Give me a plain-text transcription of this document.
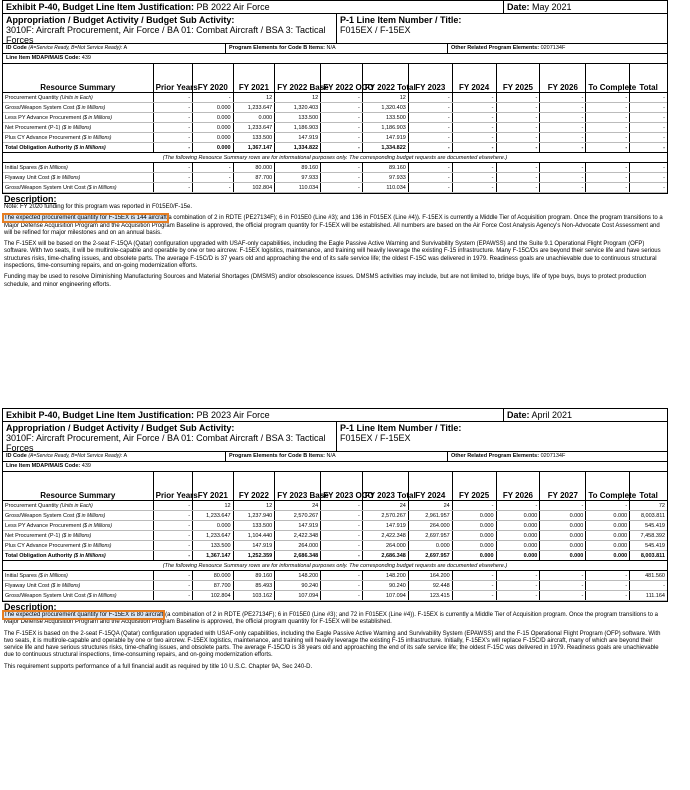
Exhibit P-40, Budget Line Item Justification: PB 2022 Air Force	Date: May 2021
Appropriation / Budget Activity / Budget Sub Activity:
3010F: Aircraft Procurement, Air Force / BA 01: Combat Aircraft / BSA 3: Tactical Forces
P-1 Line Item Number / Title:
F015EX / F-15EX
ID Code (A=Service Ready, B=Not Service Ready): A	Program Elements for Code B Items: N/A	Other Related Program Elements: 0207134F
Line Item MDAP/MAIS Code: 439
Resource Summary	Prior Years	FY 2020	FY 2021	FY 2022 Base	FY 2022 OCO	FY 2022 Total	FY 2023	FY 2024	FY 2025	FY 2026	To Complete	Total
Procurement Quantity (Units in Each)	-	-	12	12	-	12	-	-	-	-	-	-
Gross/Weapon System Cost ($ in Millions)	-	0.000	1,233.647	1,320.403	-	1,320.403	-	-	-	-	-	-
Less PY Advance Procurement ($ in Millions)	-	0.000	0.000	133.500	-	133.500	-	-	-	-	-	-
Net Procurement (P-1) ($ in Millions)	-	0.000	1,233.647	1,186.903	-	1,186.903	-	-	-	-	-	-
Plus CY Advance Procurement ($ in Millions)	-	0.000	133.500	147.919	-	147.919	-	-	-	-	-	-
Total Obligation Authority ($ in Millions)	-	0.000	1,367.147	1,334.822	-	1,334.822	-	-	-	-	-	-
(The following Resource Summary rows are for informational purposes only. The corresponding budget requests are documented elsewhere.)												
Initial Spares ($ in Millions)	-	-	80.000	89.160	-	89.160	-	-	-	-	-	-
Flyaway Unit Cost ($ in Millions)	-	-	87.700	97.933	-	97.933	-	-	-	-	-	-
Gross/Weapon System Unit Cost ($ in Millions)	-	-	102.804	110.034	-	110.034	-	-	-	-	-	-
Description:

Note: FY 2020 funding for this program was reported in F015E0/F-15e.

The expected procurement quantity for F-15EX is 144 aircraft a combination of 2 in RDTE (PE27134F); 6 in F015E0 (Line #3); and 136 in F015EX (Line #4)). F-15EX is currently a Middle Tier of Acquisition program. Once the program transitions to a Major Defense Acquisition Program and the Acquisition Program Baseline is approved, the official program quantity for F-15EX will be established. All numbers are based on the Air Force Cost Analysis Agency's Non-Advocate Cost Assessment and will be refined for major milestones and on an annual basis.

The F-15EX will be based on the 2-seat F-15QA (Qatar) configuration upgraded with USAF-only capabilities, including the Eagle Passive Active Warning and Survivability System (EPAWSS) and the Suite 9.1 Operational Flight Program (OFP) software. With two seats, it will be multirole-capable and operable by one or two aircrew. F-15EX logistics, maintenance, and training will heavily leverage the existing F-15 infrastructure. Many F-15C/Ds are beyond their service life and have serious structures risks, time-chafing issues, and obsolete parts. The average F-15C/D is 37 years old and approaching the end of its safe service life; the oldest F-15C was delivered in 1979. Readiness goals are unachievable due to continuous structural inspections, time-consuming repairs, and on-going modernization efforts.

Funding may be used to resolve Diminishing Manufacturing Sources and Material Shortages (DMSMS) and/or obsolescence issues. DMSMS activities may include, but are not limited to, bridge buys, life of type buys, buys to protect production schedule, and minor engineering efforts.

Exhibit P-40, Budget Line Item Justification: PB 2023 Air Force	Date: April 2021
Appropriation / Budget Activity / Budget Sub Activity:
3010F: Aircraft Procurement, Air Force / BA 01: Combat Aircraft / BSA 3: Tactical Forces
P-1 Line Item Number / Title:
F015EX / F-15EX
ID Code (A=Service Ready, B=Not Service Ready): A	Program Elements for Code B Items: N/A	Other Related Program Elements: 0207134F
Line Item MDAP/MAIS Code: 439
Resource Summary	Prior Years	FY 2021	FY 2022	FY 2023 Base	FY 2023 OCO	FY 2023 Total	FY 2024	FY 2025	FY 2026	FY 2027	To Complete	Total
Procurement Quantity (Units in Each)	-	12	12	24	-	24	24	-	-	-	-	72
Gross/Weapon System Cost ($ in Millions)	-	1,233.647	1,237.940	2,570.267	-	2,570.267	2,961.957	0.000	0.000	0.000	0.000	8,003.811
Less PY Advance Procurement ($ in Millions)	-	0.000	133.500	147.919	-	147.919	264.000	0.000	0.000	0.000	0.000	545.419
Net Procurement (P-1) ($ in Millions)	-	1,233.647	1,104.440	2,422.348	-	2,422.348	2,697.957	0.000	0.000	0.000	0.000	7,458.392
Plus CY Advance Procurement ($ in Millions)	-	133.500	147.919	264.000	-	264.000	0.000	0.000	0.000	0.000	0.000	545.419
Total Obligation Authority ($ in Millions)	-	1,367.147	1,252.359	2,686.348	-	2,686.348	2,697.957	0.000	0.000	0.000	0.000	8,003.811
(The following Resource Summary rows are for informational purposes only. The corresponding budget requests are documented elsewhere.)												
Initial Spares ($ in Millions)	-	80.000	89.160	148.200	-	148.200	164.200	-	-	-	-	481.560
Flyaway Unit Cost ($ in Millions)	-	87.700	85.493	90.240	-	90.240	92.448	-	-	-	-	-
Gross/Weapon System Unit Cost ($ in Millions)	-	102.804	103.162	107.094	-	107.094	123.415	-	-	-	-	111.164
Description:

The expected procurement quantity for F-15EX is 80 aircraft (a combination of 2 in RDTE (PE27134F); 6 in F015E0 (Line #3); and 72 in F015EX (Line #4)). F-15EX is currently a Middle Tier of Acquisition program. Once the program transitions to a Major Defense Acquisition Program and the Acquisition Program Baseline is approved, the official program quantity for F-15EX will be established.

The F-15EX is based on the 2-seat F-15QA (Qatar) configuration upgraded with USAF-only capabilities, including the Eagle Passive Active Warning and Survivability System (EPAWSS) and the F-15 Operational Flight Program (OFP) software. With two seats, it is multirole-capable and operable by one or two aircrew. F-15EX logistics, maintenance, and training will heavily leverage the existing F-15 infrastructure. Initially, F-15EX's will replace F-15C/D aircraft, many of which are beyond their service life and have serious structures risks, time-chafing issues, and obsolete parts. The average F-15C/D is 38 years old and approaching the end of its safe service life; the oldest F-15C was delivered in 1979. Readiness goals are unachievable due to continuous structural inspections, time-consuming repairs, and on-going modernization efforts.

This requirement supports performance of a full financial audit as required by title 10 U.S.C. Chapter 9A, Sec 240-D.
